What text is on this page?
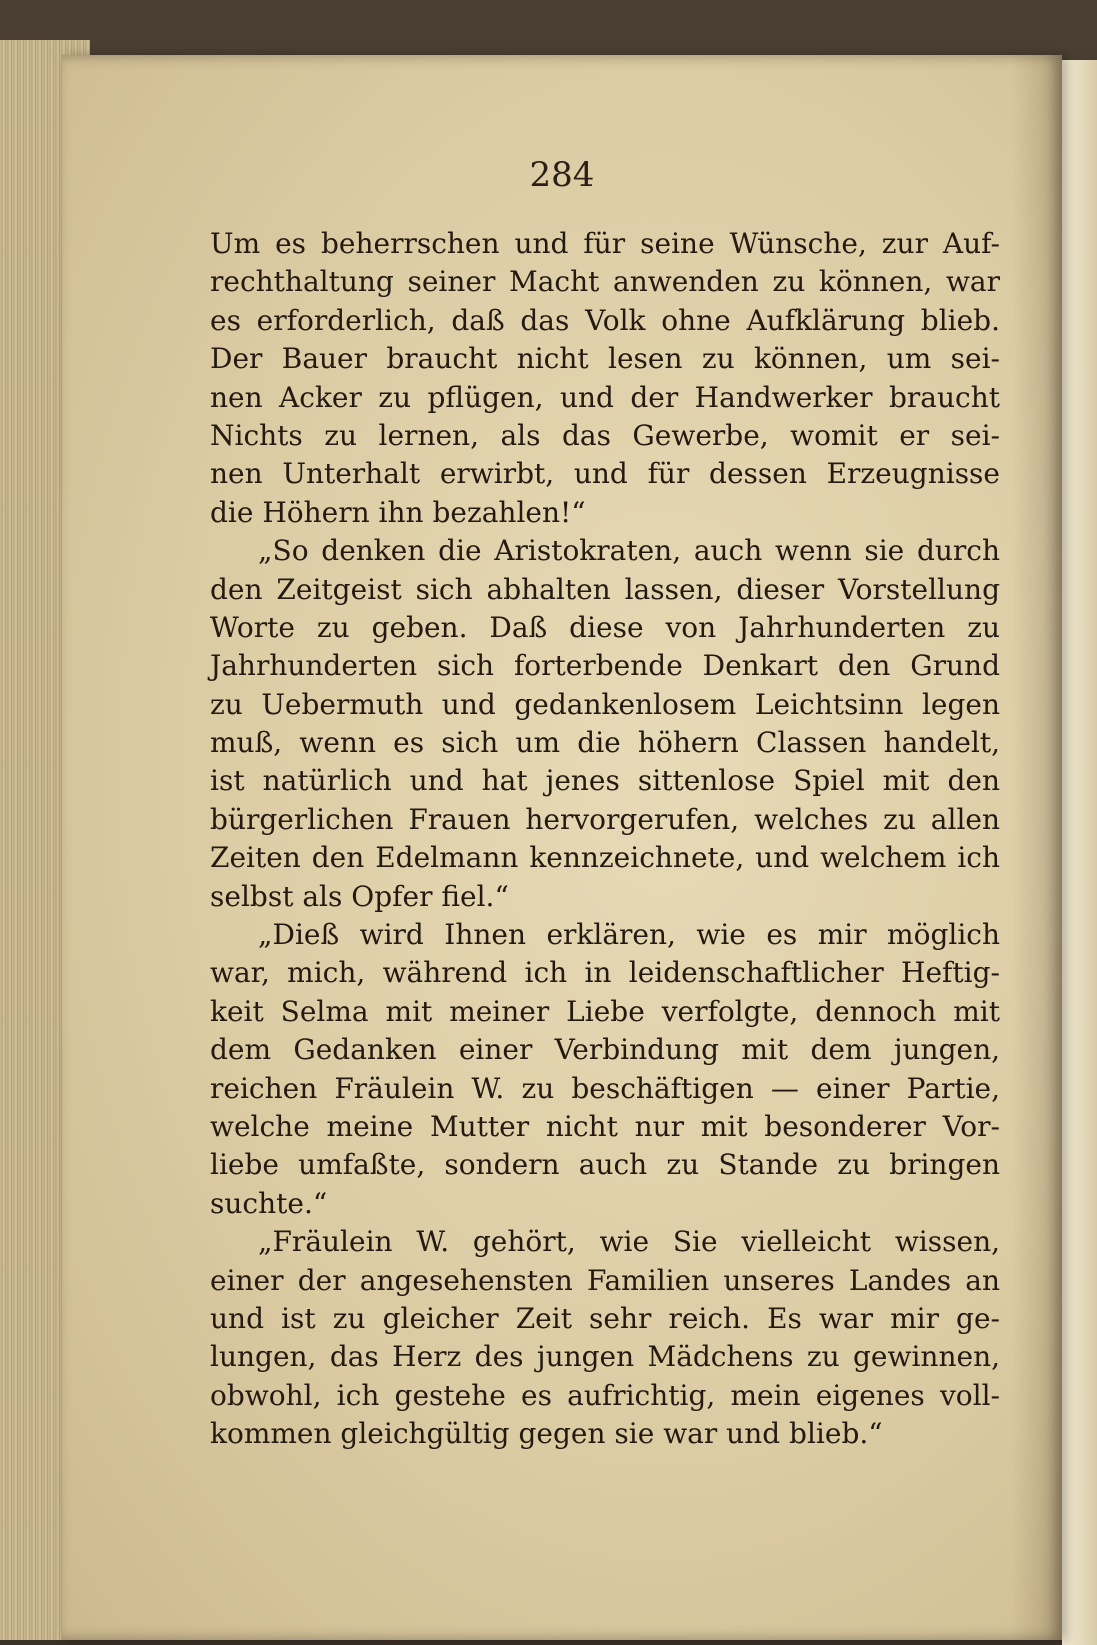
284
Um es beherrschen und für seine Wünsche, zur Auf-
rechthaltung seiner Macht anwenden zu können, war
es erforderlich, daß das Volk ohne Aufklärung blieb.
Der Bauer braucht nicht lesen zu können, um sei-
nen Acker zu pflügen, und der Handwerker braucht
Nichts zu lernen, als das Gewerbe, womit er sei-
nen Unterhalt erwirbt, und für dessen Erzeugnisse
die Höhern ihn bezahlen!“
„So denken die Aristokraten, auch wenn sie durch
den Zeitgeist sich abhalten lassen, dieser Vorstellung
Worte zu geben. Daß diese von Jahrhunderten zu
Jahrhunderten sich forterbende Denkart den Grund
zu Uebermuth und gedankenlosem Leichtsinn legen
muß, wenn es sich um die höhern Classen handelt,
ist natürlich und hat jenes sittenlose Spiel mit den
bürgerlichen Frauen hervorgerufen, welches zu allen
Zeiten den Edelmann kennzeichnete, und welchem ich
selbst als Opfer fiel.“
„Dieß wird Ihnen erklären, wie es mir möglich
war, mich, während ich in leidenschaftlicher Heftig-
keit Selma mit meiner Liebe verfolgte, dennoch mit
dem Gedanken einer Verbindung mit dem jungen,
reichen Fräulein W. zu beschäftigen — einer Partie,
welche meine Mutter nicht nur mit besonderer Vor-
liebe umfaßte, sondern auch zu Stande zu bringen
suchte.“
„Fräulein W. gehört, wie Sie vielleicht wissen,
einer der angesehensten Familien unseres Landes an
und ist zu gleicher Zeit sehr reich. Es war mir ge-
lungen, das Herz des jungen Mädchens zu gewinnen,
obwohl, ich gestehe es aufrichtig, mein eigenes voll-
kommen gleichgültig gegen sie war und blieb.“
